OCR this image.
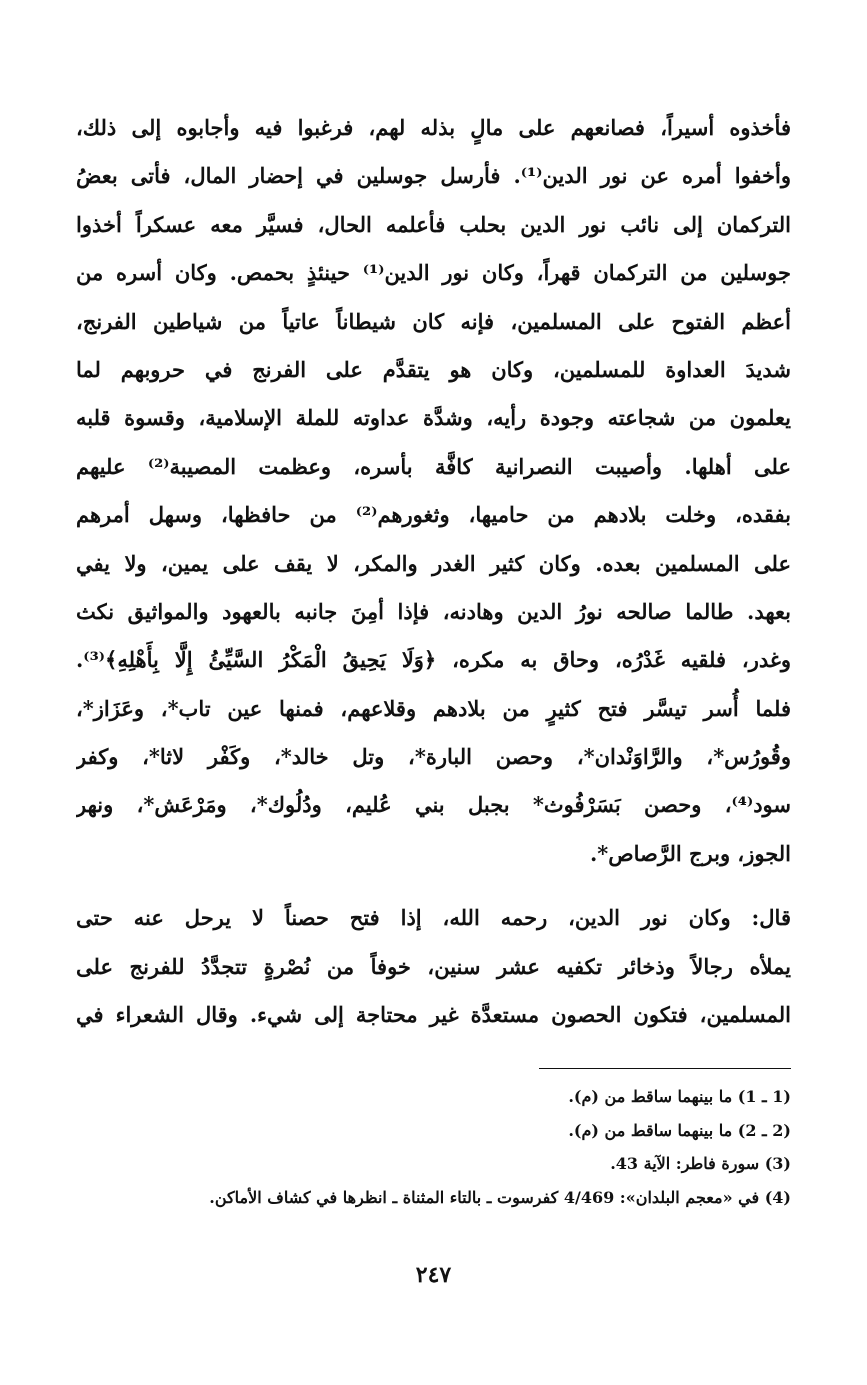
فأخذوه أسيراً، فصانعهم على مالٍ بذله لهم، فرغبوا فيه وأجابوه إلى ذلك،
وأخفوا أمره عن نور الدين⁽¹⁾. فأرسل جوسلين في إحضار المال، فأتى بعضُ
التركمان إلى نائب نور الدين بحلب فأعلمه الحال، فسيَّر معه عسكراً أخذوا
جوسلين من التركمان قهراً، وكان نور الدين⁽¹⁾ حينئذٍ بحمص. وكان أسره من
أعظم الفتوح على المسلمين، فإنه كان شيطاناً عاتياً من شياطين الفرنج،
شديدَ العداوة للمسلمين، وكان هو يتقدَّم على الفرنج في حروبهم لما
يعلمون من شجاعته وجودة رأيه، وشدَّة عداوته للملة الإسلامية، وقسوة قلبه
على أهلها. وأصيبت النصرانية كافَّة بأسره، وعظمت المصيبة⁽²⁾ عليهم
بفقده، وخلت بلادهم من حاميها، وثغورهم⁽²⁾ من حافظها، وسهل أمرهم
على المسلمين بعده. وكان كثير الغدر والمكر، لا يقف على يمين، ولا يفي
بعهد. طالما صالحه نورُ الدين وهادنه، فإذا أمِنَ جانبه بالعهود والمواثيق نكث
وغدر، فلقيه غَدْرُه، وحاق به مكره، ﴿وَلَا يَحِيقُ الْمَكْرُ السَّيِّئُ إِلَّا بِأَهْلِهِ﴾⁽³⁾.
فلما أُسر تيسَّر فتح كثيرٍ من بلادهم وقلاعهم، فمنها عين تاب*، وعَزَاز*،
وقُورُس*، والرَّاوَنْدان*، وحصن البارة*، وتل خالد*، وكَفْر لاثا*، وكفر
سود⁽⁴⁾، وحصن بَسَرْفُوث* بجبل بني عُليم، ودُلُوك*، ومَرْعَش*، ونهر
الجوز، وبرج الرَّصاص*.
قال: وكان نور الدين، رحمه الله، إذا فتح حصناً لا يرحل عنه حتى
يملأه رجالاً وذخائر تكفيه عشر سنين، خوفاً من نُصْرةٍ تتجدَّدُ للفرنج على
المسلمين، فتكون الحصون مستعدَّة غير محتاجة إلى شيء. وقال الشعراء في
(1 ـ 1) ما بينهما ساقط من (م).
(2 ـ 2) ما بينهما ساقط من (م).
(3) سورة فاطر: الآية 43.
(4) في «معجم البلدان»: 4/469 كفرسوت ـ بالتاء المثناة ـ انظرها في كشاف الأماكن.
٢٤٧
